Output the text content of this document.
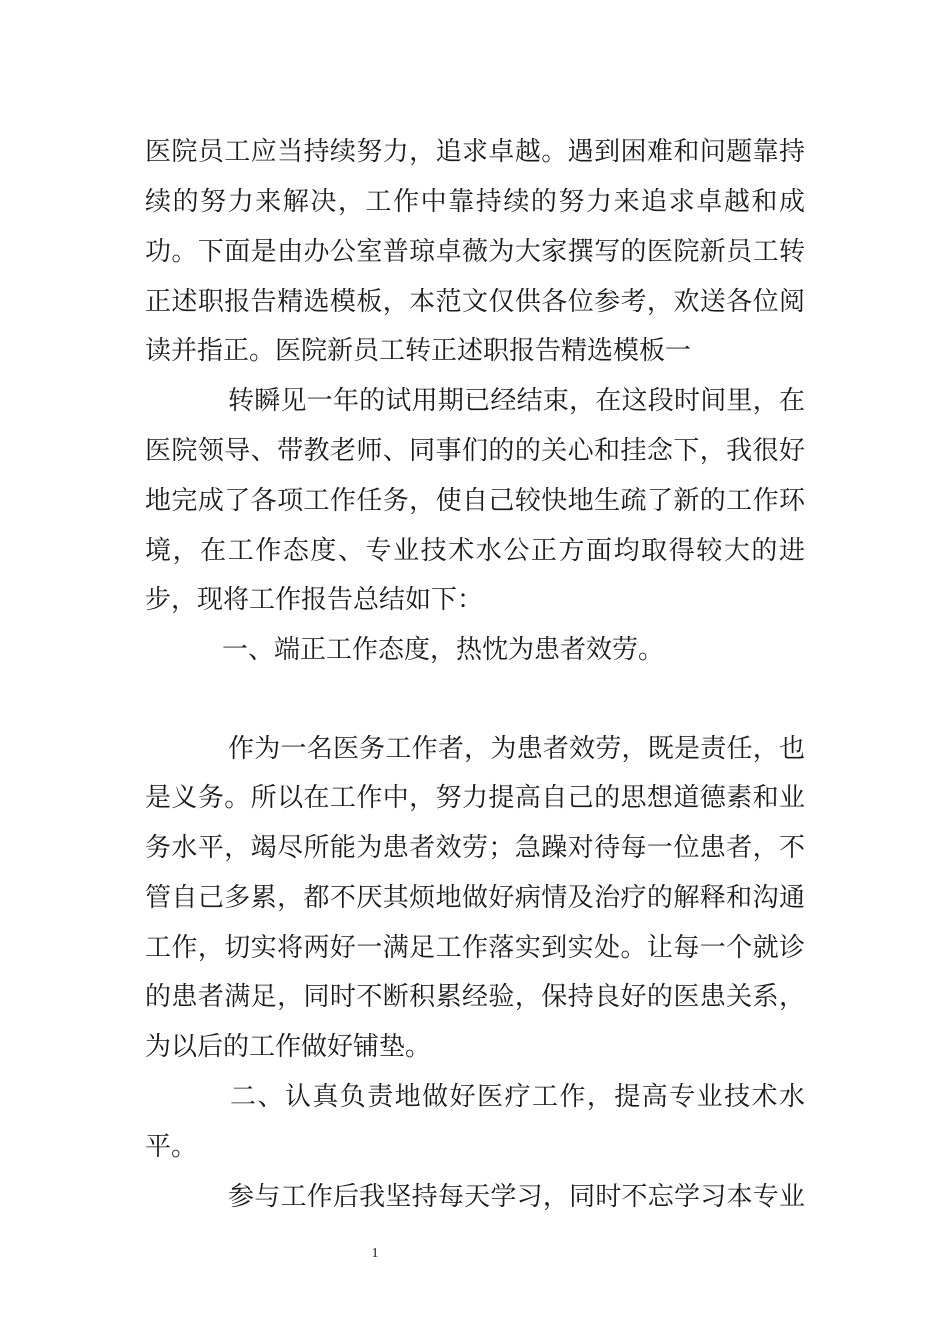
医院员工应当持续努力，追求卓越。遇到困难和问题靠持
续的努力来解决，工作中靠持续的努力来追求卓越和成
功。下面是由办公室普琼卓薇为大家撰写的医院新员工转
正述职报告精选模板，本范文仅供各位参考，欢送各位阅
读并指正。医院新员工转正述职报告精选模板一
转瞬见一年的试用期已经结束，在这段时间里，在
医院领导、带教老师、同事们的的关心和挂念下，我很好
地完成了各项工作任务，使自己较快地生疏了新的工作环
境，在工作态度、专业技术水公正方面均取得较大的进
步，现将工作报告总结如下：
一、端正工作态度，热忱为患者效劳。
作为一名医务工作者，为患者效劳，既是责任，也
是义务。所以在工作中，努力提高自己的思想道德素和业
务水平，竭尽所能为患者效劳；急躁对待每一位患者，不
管自己多累，都不厌其烦地做好病情及治疗的解释和沟通
工作，切实将两好一满足工作落实到实处。让每一个就诊
的患者满足，同时不断积累经验，保持良好的医患关系，
为以后的工作做好铺垫。
二、认真负责地做好医疗工作，提高专业技术水
平。
参与工作后我坚持每天学习，同时不忘学习本专业
1
